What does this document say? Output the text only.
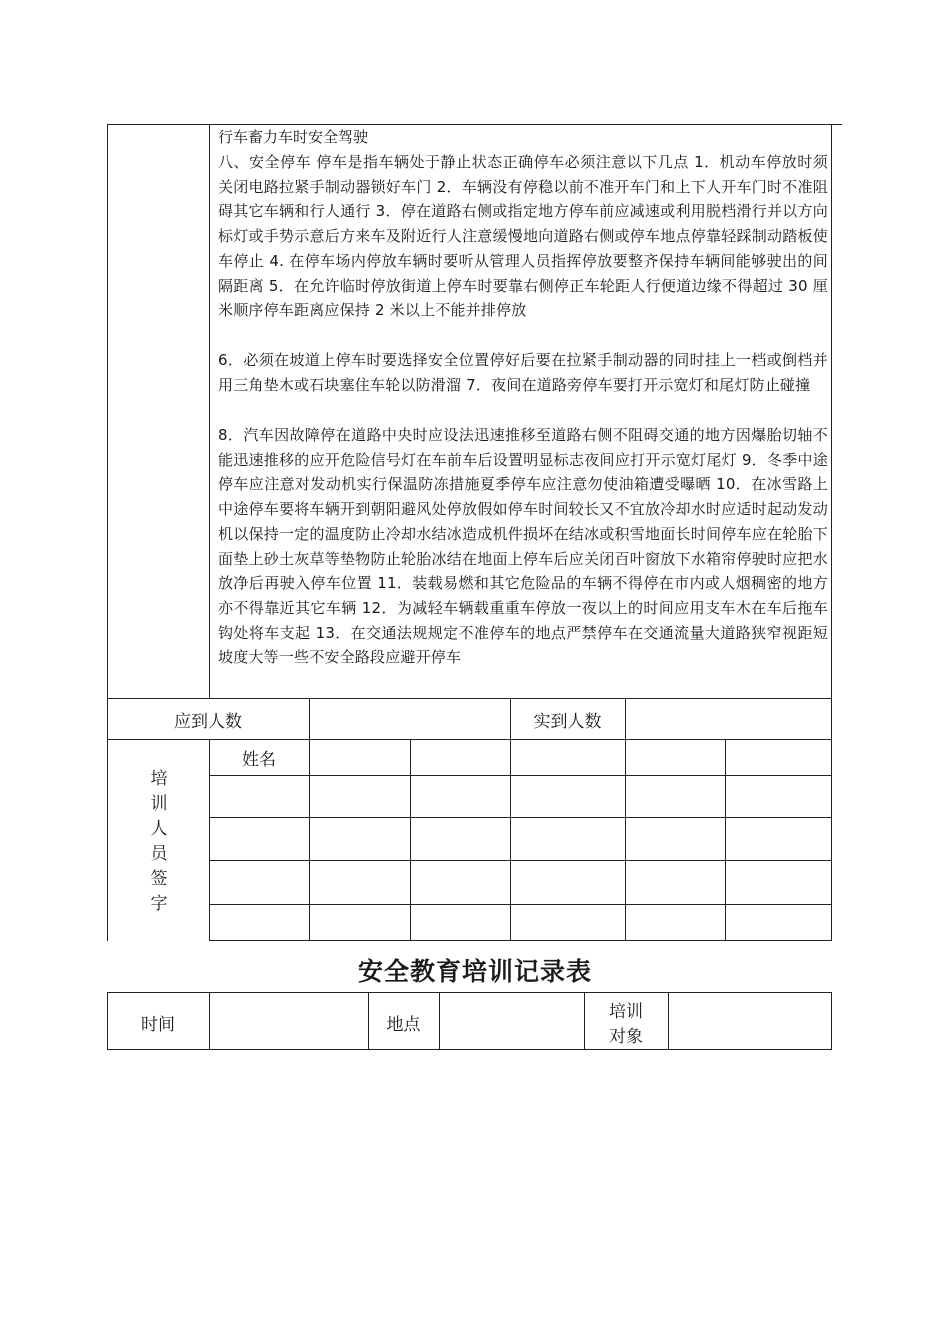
行车畜力车时安全驾驶
八、安全停车 停车是指车辆处于静止状态正确停车必须注意以下几点 1．机动车停放时须关闭电路拉紧手制动器锁好车门 2．车辆没有停稳以前不准开车门和上下人开车门时不准阻碍其它车辆和行人通行 3．停在道路右侧或指定地方停车前应减速或利用脱档滑行并以方向标灯或手势示意后方来车及附近行人注意缓慢地向道路右侧或停车地点停靠轻踩制动踏板使车停止 4. 在停车场内停放车辆时要听从管理人员指挥停放要整齐保持车辆间能够驶出的间隔距离 5．在允许临时停放街道上停车时要靠右侧停正车轮距人行便道边缘不得超过 30 厘米顺序停车距离应保持 2 米以上不能并排停放
6．必须在坡道上停车时要选择安全位置停好后要在拉紧手制动器的同时挂上一档或倒档并用三角垫木或石块塞住车轮以防滑溜 7．夜间在道路旁停车要打开示宽灯和尾灯防止碰撞
8．汽车因故障停在道路中央时应设法迅速推移至道路右侧不阻碍交通的地方因爆胎切轴不能迅速推移的应开危险信号灯在车前车后设置明显标志夜间应打开示宽灯尾灯 9．冬季中途停车应注意对发动机实行保温防冻措施夏季停车应注意勿使油箱遭受曝晒 10．在冰雪路上中途停车要将车辆开到朝阳避风处停放假如停车时间较长又不宜放冷却水时应适时起动发动机以保持一定的温度防止冷却水结冰造成机件损坏在结冰或积雪地面长时间停车应在轮胎下面垫上砂土灰草等垫物防止轮胎冰结在地面上停车后应关闭百叶窗放下水箱帘停驶时应把水放净后再驶入停车位置 11．装载易燃和其它危险品的车辆不得停在市内或人烟稠密的地方亦不得靠近其它车辆 12．为减轻车辆载重重车停放一夜以上的时间应用支车木在车后拖车钩处将车支起 13．在交通法规规定不准停车的地点严禁停车在交通流量大道路狭窄视距短坡度大等一些不安全路段应避开停车
应到人数	实到人数
姓名
培训人员签字
安全教育培训记录表
时间	地点
培训
对象
